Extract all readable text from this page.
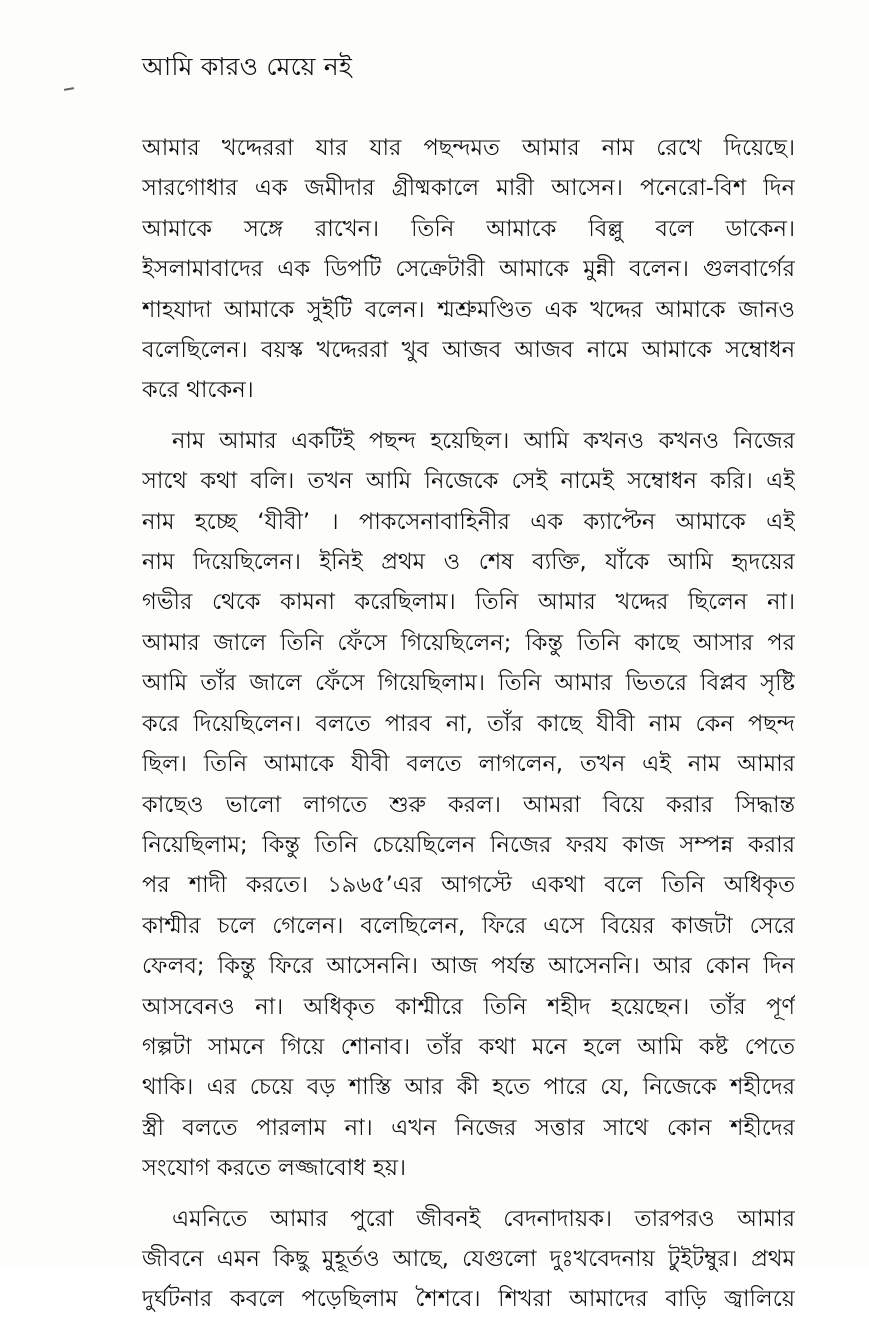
আমি কারও মেয়ে নই
আমার খদ্দেররা যার যার পছন্দমত আমার নাম রেখে দিয়েছে।
সারগোধার এক জমীদার গ্রীষ্মকালে মারী আসেন। পনেরো-বিশ দিন
আমাকে সঙ্গে রাখেন। তিনি আমাকে বিল্লু বলে ডাকেন।
ইসলামাবাদের এক ডিপটি সেক্রেটারী আমাকে মুন্নী বলেন। গুলবার্গের
শাহযাদা আমাকে সুইটি বলেন। শ্মশ্রুমণ্ডিত এক খদ্দের আমাকে জানও
বলেছিলেন। বয়স্ক খদ্দেররা খুব আজব আজব নামে আমাকে সম্বোধন
করে থাকেন।
নাম আমার একটিই পছন্দ হয়েছিল। আমি কখনও কখনও নিজের
সাথে কথা বলি। তখন আমি নিজেকে সেই নামেই সম্বোধন করি। এই
নাম হচ্ছে ‘যীবী’ । পাকসেনাবাহিনীর এক ক্যাপ্টেন আমাকে এই
নাম দিয়েছিলেন। ইনিই প্রথম ও শেষ ব্যক্তি, যাঁকে আমি হৃদয়ের
গভীর থেকে কামনা করেছিলাম। তিনি আমার খদ্দের ছিলেন না।
আমার জালে তিনি ফেঁসে গিয়েছিলেন; কিন্তু তিনি কাছে আসার পর
আমি তাঁর জালে ফেঁসে গিয়েছিলাম। তিনি আমার ভিতরে বিপ্লব সৃষ্টি
করে দিয়েছিলেন। বলতে পারব না, তাঁর কাছে যীবী নাম কেন পছন্দ
ছিল। তিনি আমাকে যীবী বলতে লাগলেন, তখন এই নাম আমার
কাছেও ভালো লাগতে শুরু করল। আমরা বিয়ে করার সিদ্ধান্ত
নিয়েছিলাম; কিন্তু তিনি চেয়েছিলেন নিজের ফরয কাজ সম্পন্ন করার
পর শাদী করতে। ১৯৬৫’এর আগস্টে একথা বলে তিনি অধিকৃত
কাশ্মীর চলে গেলেন। বলেছিলেন, ফিরে এসে বিয়ের কাজটা সেরে
ফেলব; কিন্তু ফিরে আসেননি। আজ পর্যন্ত আসেননি। আর কোন দিন
আসবেনও না। অধিকৃত কাশ্মীরে তিনি শহীদ হয়েছেন। তাঁর পূর্ণ
গল্পটা সামনে গিয়ে শোনাব। তাঁর কথা মনে হলে আমি কষ্ট পেতে
থাকি। এর চেয়ে বড় শাস্তি আর কী হতে পারে যে, নিজেকে শহীদের
স্ত্রী বলতে পারলাম না। এখন নিজের সত্তার সাথে কোন শহীদের
সংযোগ করতে লজ্জাবোধ হয়।
এমনিতে আমার পুরো জীবনই বেদনাদায়ক। তারপরও আমার
জীবনে এমন কিছু মুহূর্তও আছে, যেগুলো দুঃখবেদনায় টুইটম্বুর। প্রথম
দুর্ঘটনার কবলে পড়েছিলাম শৈশবে। শিখরা আমাদের বাড়ি জ্বালিয়ে
